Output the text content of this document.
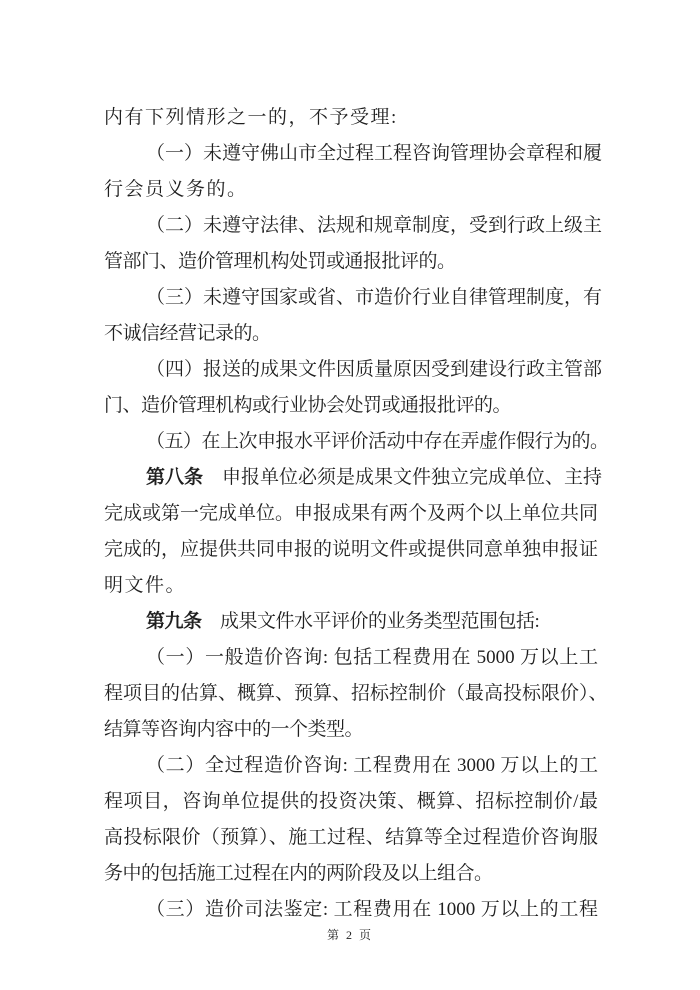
内有下列情形之一的，不予受理:
（一）未遵守佛山市全过程工程咨询管理协会章程和履
行会员义务的。
（二）未遵守法律、法规和规章制度，受到行政上级主
管部门、造价管理机构处罚或通报批评的。
（三）未遵守国家或省、市造价行业自律管理制度，有
不诚信经营记录的。
（四）报送的成果文件因质量原因受到建设行政主管部
门、造价管理机构或行业协会处罚或通报批评的。
（五）在上次申报水平评价活动中存在弄虚作假行为的。
第八条　申报单位必须是成果文件独立完成单位、主持
完成或第一完成单位。申报成果有两个及两个以上单位共同
完成的，应提供共同申报的说明文件或提供同意单独申报证
明文件。
第九条　成果文件水平评价的业务类型范围包括:
（一）一般造价咨询: 包括工程费用在 5000 万以上工
程项目的估算、概算、预算、招标控制价（最高投标限价）、
结算等咨询内容中的一个类型。
（二）全过程造价咨询: 工程费用在 3000 万以上的工
程项目，咨询单位提供的投资决策、概算、招标控制价/最
高投标限价（预算）、施工过程、结算等全过程造价咨询服
务中的包括施工过程在内的两阶段及以上组合。
（三）造价司法鉴定: 工程费用在 1000 万以上的工程
第 2 页
